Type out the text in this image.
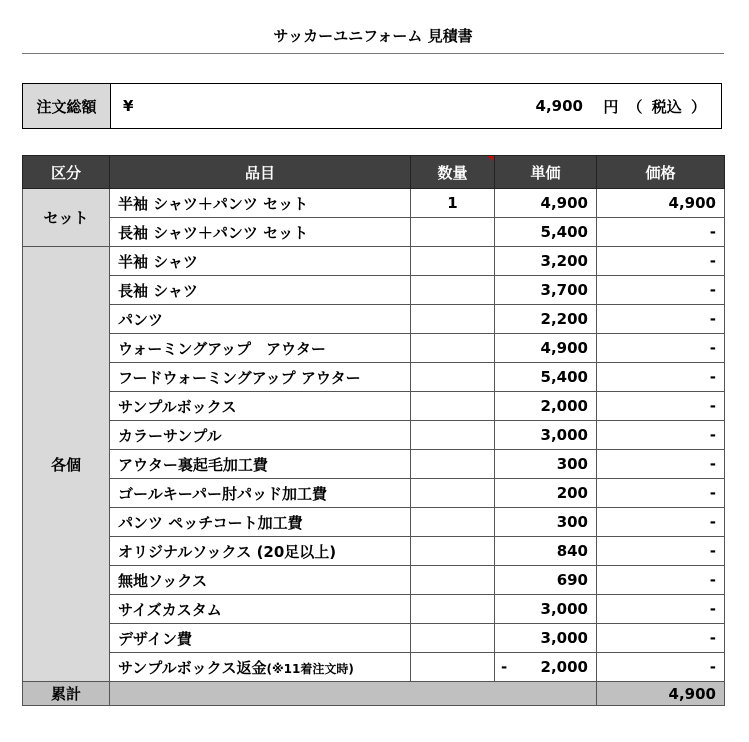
サッカーユニフォーム 見積書
注文総額	¥	4,900 円 （ 税込 ）
区分	品目	数量	単価	価格
セット	半袖 シャツ＋パンツ セット	1	4,900	4,900
	長袖 シャツ＋パンツ セット		5,400	-
各個	半袖 シャツ		3,200	-
	長袖 シャツ		3,700	-
	パンツ		2,200	-
	ウォーミングアップ　アウター		4,900	-
	フードウォーミングアップ アウター		5,400	-
	サンプルボックス		2,000	-
	カラーサンプル		3,000	-
	アウター裏起毛加工費		300	-
	ゴールキーパー肘パッド加工費		200	-
	パンツ ペッチコート加工費		300	-
	オリジナルソックス (20足以上)		840	-
	無地ソックス		690	-
	サイズカスタム		3,000	-
	デザイン費		3,000	-
	サンプルボックス返金(※11着注文時)		- 2,000	-
累計				4,900
